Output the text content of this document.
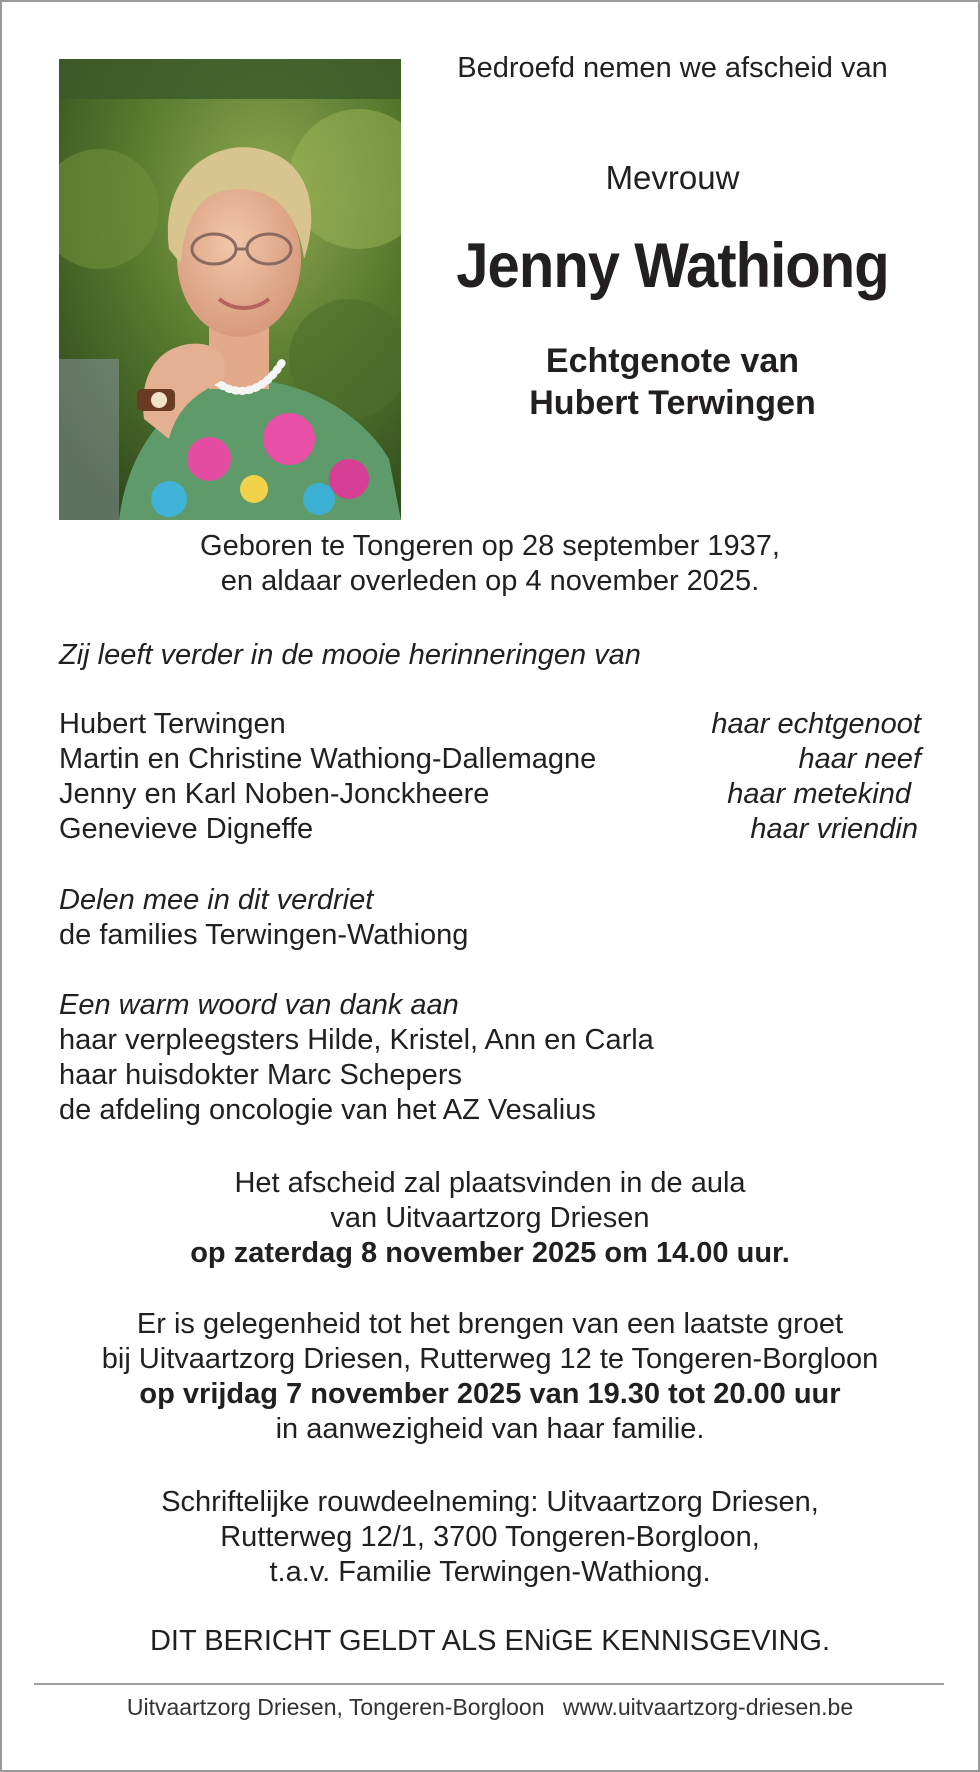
Bedroefd nemen we afscheid van
Mevrouw
Jenny Wathiong
Echtgenote van
Hubert Terwingen
Geboren te Tongeren op 28 september 1937,
en aldaar overleden op 4 november 2025.
Zij leeft verder in de mooie herinneringen van
Hubert Terwingen	haar echtgenoot
Martin en Christine Wathiong-Dallemagne	haar neef
Jenny en Karl Noben-Jonckheere	haar metekind
Genevieve Digneffe	haar vriendin
Delen mee in dit verdriet
de families Terwingen-Wathiong
Een warm woord van dank aan
haar verpleegsters Hilde, Kristel, Ann en Carla
haar huisdokter Marc Schepers
de afdeling oncologie van het AZ Vesalius
Het afscheid zal plaatsvinden in de aula
van Uitvaartzorg Driesen
op zaterdag 8 november 2025 om 14.00 uur.
Er is gelegenheid tot het brengen van een laatste groet
bij Uitvaartzorg Driesen, Rutterweg 12 te Tongeren-Borgloon
op vrijdag 7 november 2025 van 19.30 tot 20.00 uur
in aanwezigheid van haar familie.
Schriftelijke rouwdeelneming: Uitvaartzorg Driesen,
Rutterweg 12/1, 3700 Tongeren-Borgloon,
t.a.v. Familie Terwingen-Wathiong.
DIT BERICHT GELDT ALS ENiGE KENNISGEVING.
Uitvaartzorg Driesen, Tongeren-Borgloon www.uitvaartzorg-driesen.be
